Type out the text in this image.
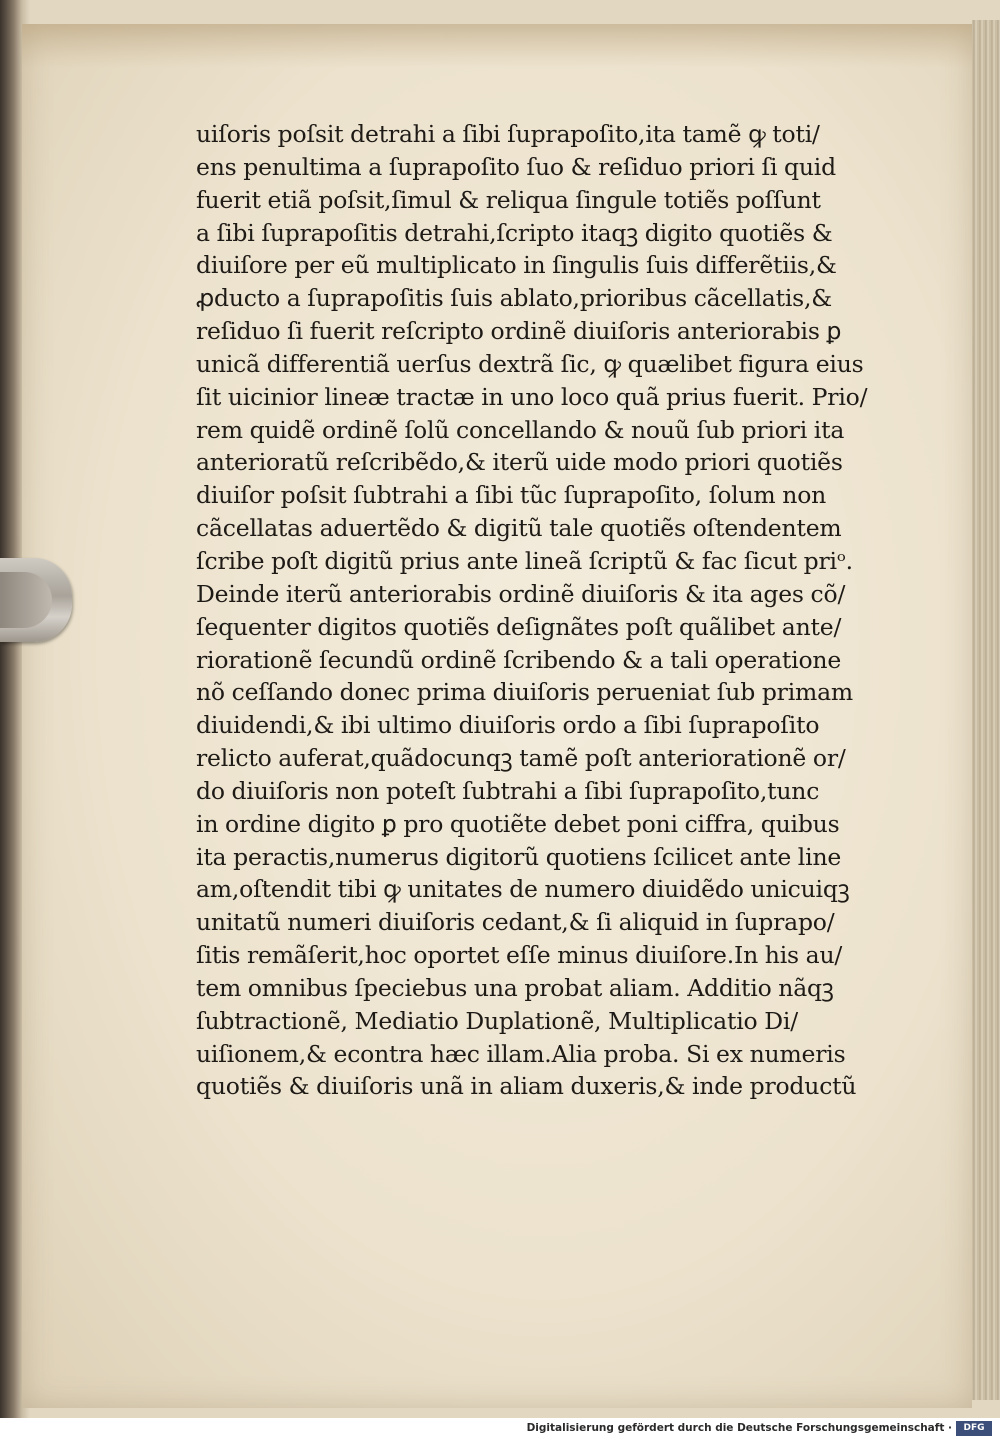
uiſoris poſsit detrahi a ſibi ſuprapoſito,ita tamẽ ꝙ toti/
ens penultima a ſuprapoſito ſuo & reſiduo priori ſi quid
fuerit etiã poſsit,ſimul & reliqua ſingule totiẽs poſſunt
a ſibi ſuprapoſitis detrahi,ſcripto itaqꝫ digito quotiẽs &
diuiſore per eũ multiplicato in ſingulis ſuis differẽtiis,&
ꝓducto a ſuprapoſitis ſuis ablato,prioribus cãcellatis,&
reſiduo ſi fuerit reſcripto ordinẽ diuiſoris anteriorabis ꝑ
unicã differentiã uerſus dextrã ſic, ꝙ quælibet figura eius
ſit uicinior lineæ tractæ in uno loco quã prius fuerit. Prio/
rem quidẽ ordinẽ ſolũ concellando & nouũ ſub priori ita
anterioratũ reſcribẽdo,& iterũ uide modo priori quotiẽs
diuiſor poſsit ſubtrahi a ſibi tũc ſuprapoſito, ſolum non
cãcellatas aduertẽdo & digitũ tale quotiẽs oſtendentem
ſcribe poſt digitũ prius ante lineã ſcriptũ & fac ſicut priᵒ.
Deinde iterũ anteriorabis ordinẽ diuiſoris & ita ages cõ/
ſequenter digitos quotiẽs deſignãtes poſt quãlibet ante/
riorationẽ ſecundũ ordinẽ ſcribendo & a tali operatione
nõ ceſſando donec prima diuiſoris perueniat ſub primam
diuidendi,& ibi ultimo diuiſoris ordo a ſibi ſuprapoſito
relicto auferat,quãdocunqꝫ tamẽ poſt anteriorationẽ or/
do diuiſoris non poteſt ſubtrahi a ſibi ſuprapoſito,tunc
in ordine digito ꝑ pro quotiẽte debet poni ciffra, quibus
ita peractis,numerus digitorũ quotiens ſcilicet ante line
am,oſtendit tibi ꝙ unitates de numero diuidẽdo unicuiqꝫ
unitatũ numeri diuiſoris cedant,& ſi aliquid in ſuprapo/
ſitis remãſerit,hoc oportet eſſe minus diuiſore.In his au/
tem omnibus ſpeciebus una probat aliam. Additio nãqꝫ
ſubtractionẽ, Mediatio Duplationẽ, Multiplicatio Di/
uiſionem,& econtra hæc illam.Alia proba. Si ex numeris
quotiẽs & diuiſoris unã in aliam duxeris,& inde productũ
Digitalisierung gefördert durch die Deutsche Forschungsgemeinschaft ·	DFG
